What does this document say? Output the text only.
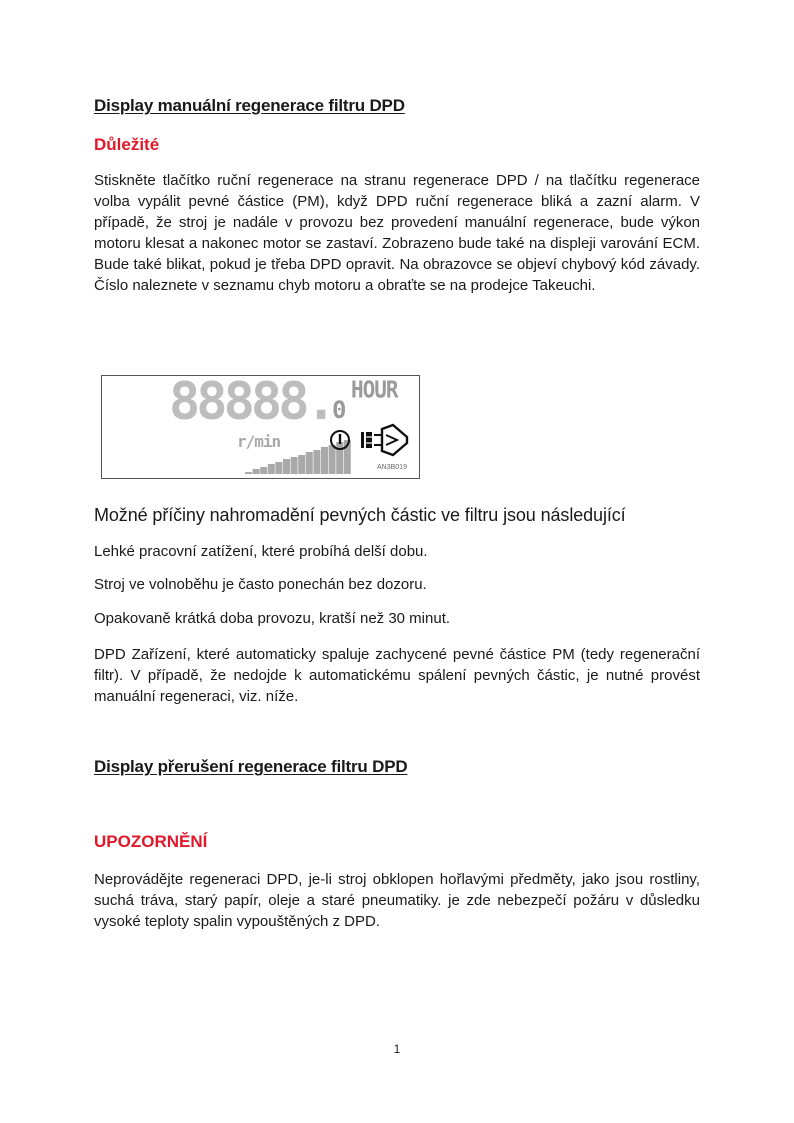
Display manuální regenerace filtru DPD
Důležité
Stiskněte tlačítko ruční regenerace na stranu regenerace DPD / na tlačítku regenerace volba vypálit pevné částice (PM), když DPD ruční regenerace bliká a zazní alarm. V případě, že stroj je nadále v provozu bez provedení manuální regenerace, bude výkon motoru klesat a nakonec motor se zastaví. Zobrazeno bude také na displeji varování ECM. Bude také blikat, pokud je třeba DPD opravit. Na obrazovce se objeví chybový kód závady. Číslo naleznete v seznamu chyb motoru a obraťte se na prodejce Takeuchi.
88888. 0
HOUR
r/min
AN3B019
Možné příčiny nahromadění pevných částic ve filtru jsou následující
Lehké pracovní zatížení, které probíhá delší dobu.
Stroj ve volnoběhu je často ponechán bez dozoru.
Opakovaně krátká doba provozu, kratší než 30 minut.
DPD Zařízení, které automaticky spaluje zachycené pevné částice PM (tedy regenerační filtr). V případě, že nedojde k automatickému spálení pevných částic, je nutné provést manuální regeneraci, viz. níže.
Display přerušení regenerace filtru DPD
UPOZORNĚNÍ
Neprovádějte regeneraci DPD, je-li stroj obklopen hořlavými předměty, jako jsou rostliny, suchá tráva, starý papír, oleje a staré pneumatiky. je zde nebezpečí požáru v důsledku vysoké teploty spalin vypouštěných z DPD.
1
